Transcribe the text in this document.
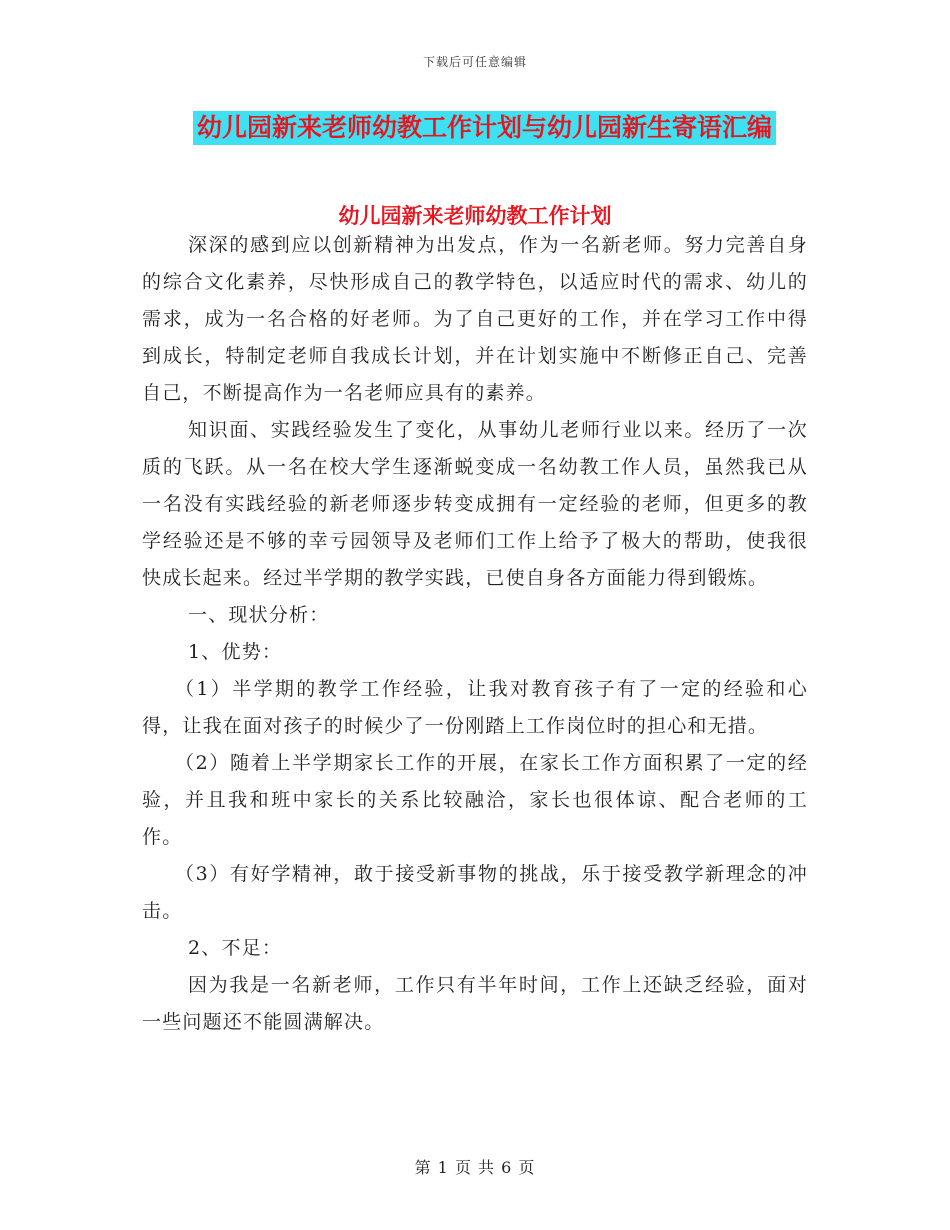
下载后可任意编辑
幼儿园新来老师幼教工作计划与幼儿园新生寄语汇编
幼儿园新来老师幼教工作计划

深深的感到应以创新精神为出发点，作为一名新老师。努力完善自身的综合文化素养，尽快形成自己的教学特色，以适应时代的需求、幼儿的需求，成为一名合格的好老师。为了自己更好的工作，并在学习工作中得到成长，特制定老师自我成长计划，并在计划实施中不断修正自己、完善自己，不断提高作为一名老师应具有的素养。

知识面、实践经验发生了变化，从事幼儿老师行业以来。经历了一次质的飞跃。从一名在校大学生逐渐蜕变成一名幼教工作人员，虽然我已从一名没有实践经验的新老师逐步转变成拥有一定经验的老师，但更多的教学经验还是不够的幸亏园领导及老师们工作上给予了极大的帮助，使我很快成长起来。经过半学期的教学实践，已使自身各方面能力得到锻炼。

一、现状分析：

1、优势：

（1）半学期的教学工作经验，让我对教育孩子有了一定的经验和心得，让我在面对孩子的时候少了一份刚踏上工作岗位时的担心和无措。

（2）随着上半学期家长工作的开展，在家长工作方面积累了一定的经验，并且我和班中家长的关系比较融洽，家长也很体谅、配合老师的工作。

（3）有好学精神，敢于接受新事物的挑战，乐于接受教学新理念的冲击。

2、不足：

因为我是一名新老师，工作只有半年时间，工作上还缺乏经验，面对一些问题还不能圆满解决。

第 1 页 共 6 页
